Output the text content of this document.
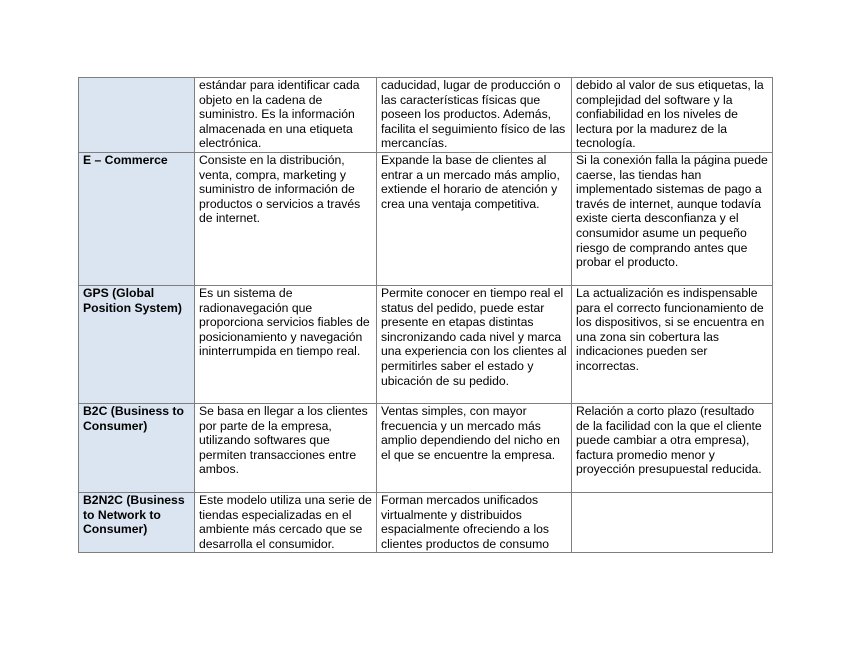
	estándar para identificar cada objeto en la cadena de suministro. Es la información almacenada en una etiqueta electrónica.	caducidad, lugar de producción o las características físicas que poseen los productos. Además, facilita el seguimiento físico de las mercancías.	debido al valor de sus etiquetas, la complejidad del software y la confiabilidad en los niveles de lectura por la madurez de la tecnología.

E – Commerce	Consiste en la distribución, venta, compra, marketing y suministro de información de productos o servicios a través de internet.	Expande la base de clientes al entrar a un mercado más amplio, extiende el horario de atención y crea una ventaja competitiva.	Si la conexión falla la página puede caerse, las tiendas han implementado sistemas de pago a través de internet, aunque todavía existe cierta desconfianza y el consumidor asume un pequeño riesgo de comprando antes que probar el producto.

GPS (Global Position System)	Es un sistema de radionavegación que proporciona servicios fiables de posicionamiento y navegación ininterrumpida en tiempo real.	Permite conocer en tiempo real el status del pedido, puede estar presente en etapas distintas sincronizando cada nivel y marca una experiencia con los clientes al permitirles saber el estado y ubicación de su pedido.	La actualización es indispensable para el correcto funcionamiento de los dispositivos, si se encuentra en una zona sin cobertura las indicaciones pueden ser incorrectas.

B2C (Business to Consumer)	Se basa en llegar a los clientes por parte de la empresa, utilizando softwares que permiten transacciones entre ambos.	Ventas simples, con mayor frecuencia y un mercado más amplio dependiendo del nicho en el que se encuentre la empresa.	Relación a corto plazo (resultado de la facilidad con la que el cliente puede cambiar a otra empresa), factura promedio menor y proyección presupuestal reducida.

B2N2C (Business to Network to Consumer)	Este modelo utiliza una serie de tiendas especializadas en el ambiente más cercado que se desarrolla el consumidor.	Forman mercados unificados virtualmente y distribuidos espacialmente ofreciendo a los clientes productos de consumo	
